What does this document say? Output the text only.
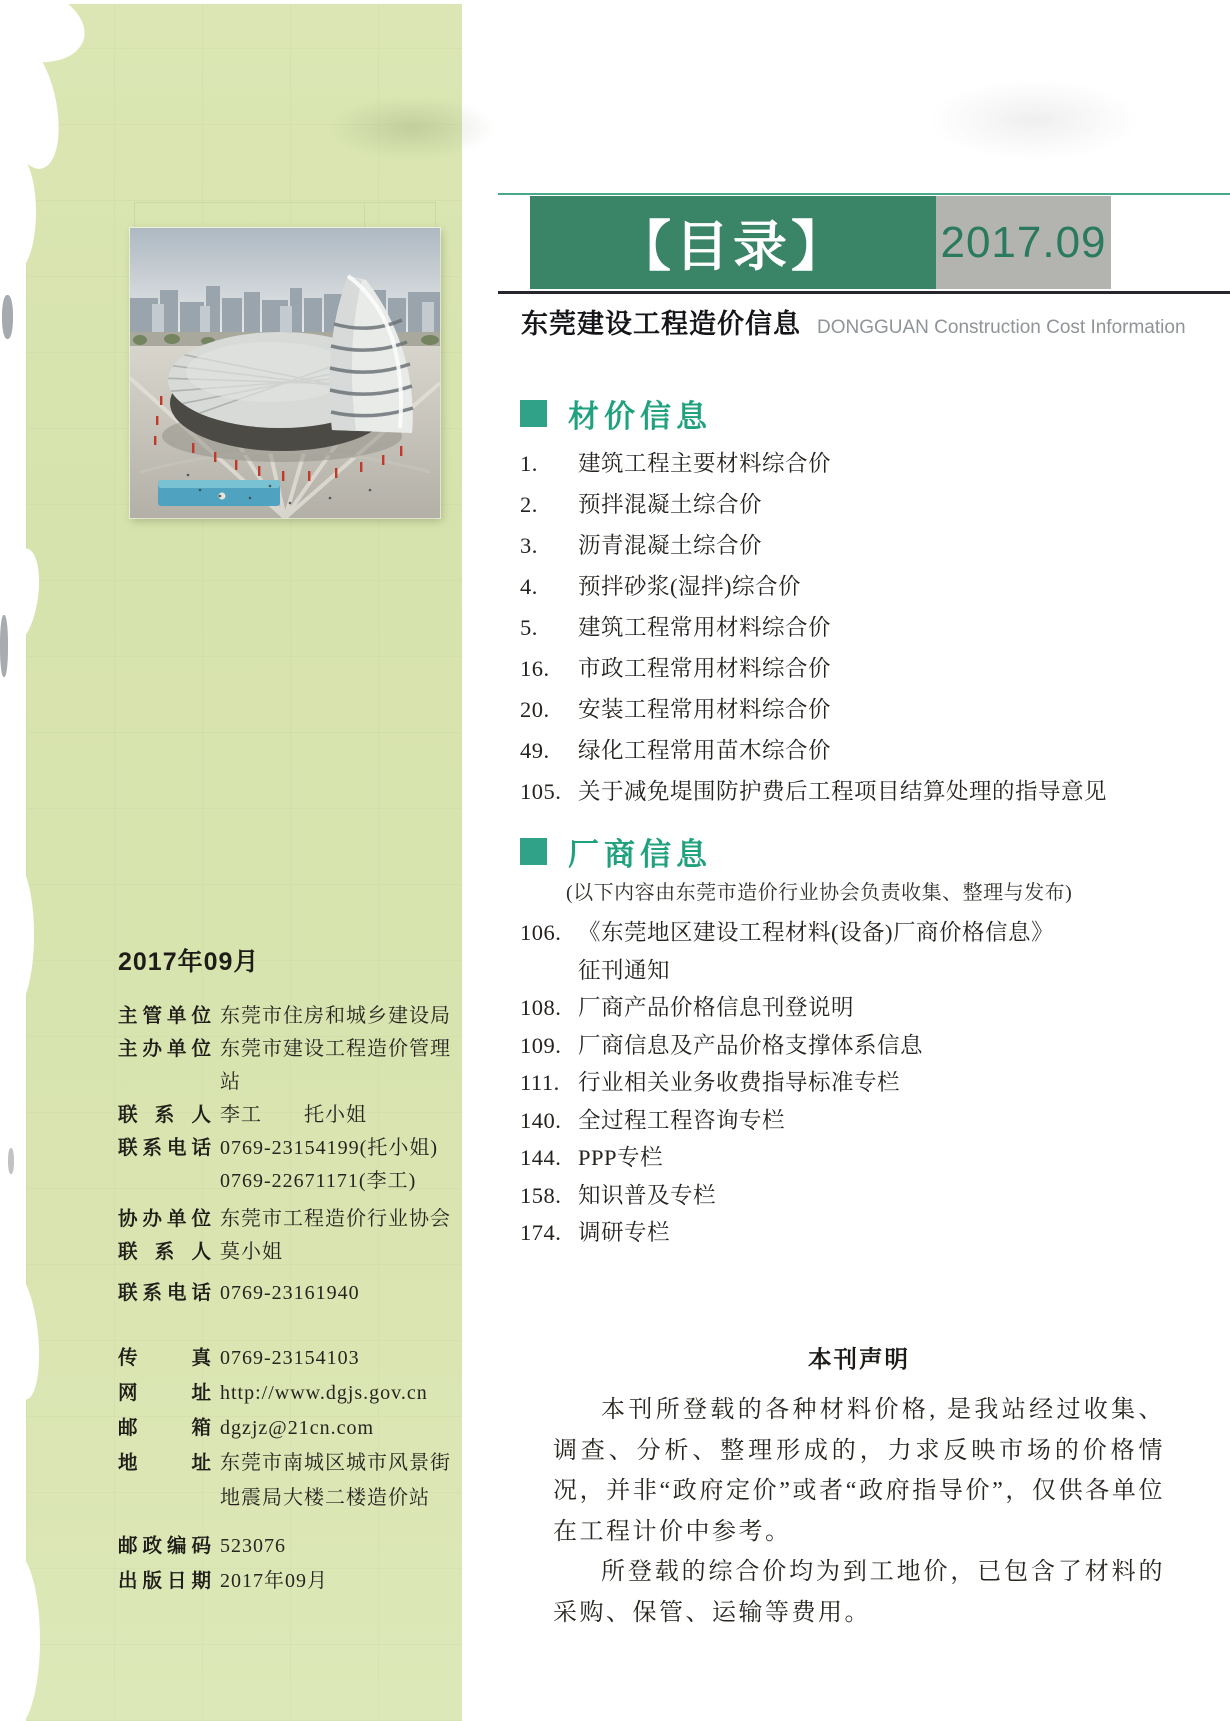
2017年09月
主管单位 东莞市住房和城乡建设局
主办单位 东莞市建设工程造价管理站
联系人 李工　　托小姐
联系电话 0769-23154199(托小姐)
0769-22671171(李工)
协办单位 东莞市工程造价行业协会
联系人 莫小姐
联系电话 0769-23161940
传真 0769-23154103
网址 http://www.dgjs.gov.cn
邮箱 dgzjz@21cn.com
地址 东莞市南城区城市风景街
地震局大楼二楼造价站
邮政编码 523076
出版日期 2017年09月
【目录】 2017.09
东莞建设工程造价信息 DONGGUAN Construction Cost Information
材价信息
1.	建筑工程主要材料综合价
2.	预拌混凝土综合价
3.	沥青混凝土综合价
4.	预拌砂浆(湿拌)综合价
5.	建筑工程常用材料综合价
16.	市政工程常用材料综合价
20.	安装工程常用材料综合价
49.	绿化工程常用苗木综合价
105. 关于减免堤围防护费后工程项目结算处理的指导意见
厂商信息
(以下内容由东莞市造价行业协会负责收集、整理与发布)
106. 《东莞地区建设工程材料(设备)厂商价格信息》征刊通知
108. 厂商产品价格信息刊登说明
109. 厂商信息及产品价格支撑体系信息
111. 行业相关业务收费指导标准专栏
140. 全过程工程咨询专栏
144. PPP专栏
158. 知识普及专栏
174. 调研专栏
本刊声明

本刊所登载的各种材料价格, 是我站经过收集、调查、分析、整理形成的，力求反映市场的价格情况，并非“政府定价”或者“政府指导价”，仅供各单位在工程计价中参考。

所登载的综合价均为到工地价，已包含了材料的采购、保管、运输等费用。
